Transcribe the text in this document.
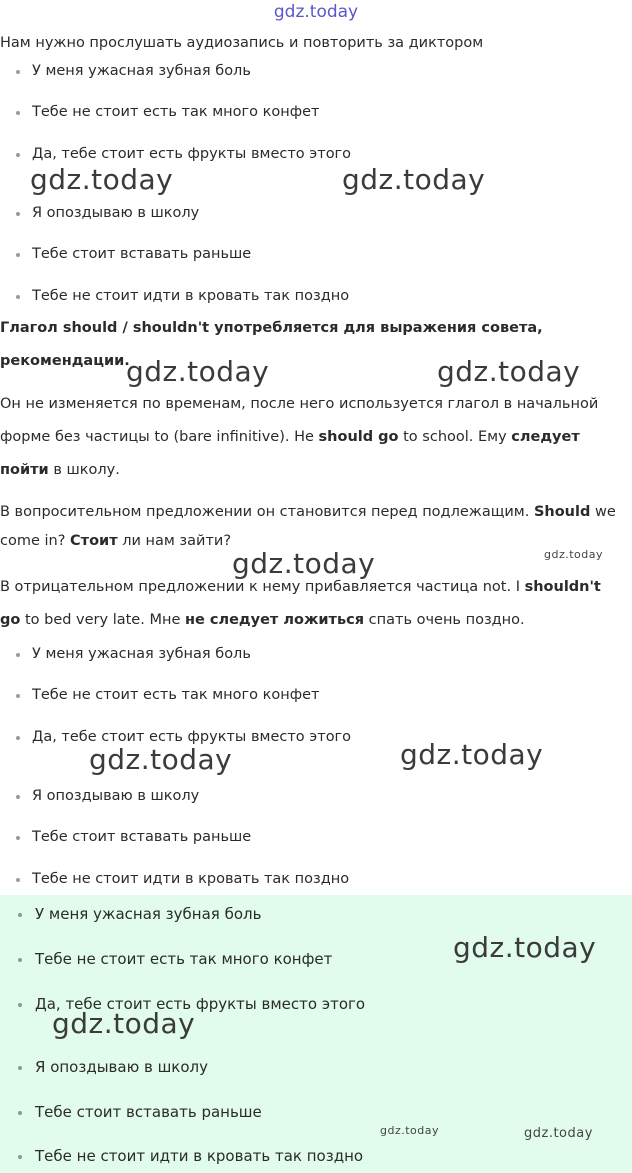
gdz.today
Нам нужно прослушать аудиозапись и повторить за диктором
У меня ужасная зубная боль
Тебе не стоит есть так много конфет
Да, тебе стоит есть фрукты вместо этого
Я опоздываю в школу
Тебе стоит вставать раньше
Тебе не стоит идти в кровать так поздно
Глагол should / shouldn't употребляется для выражения совета,
рекомендации.
Он не изменяется по временам, после него используется глагол в начальной
форме без частицы to (bare infinitive). He should go to school. Ему следует
пойти в школу.
В вопросительном предложении он становится перед подлежащим. Should we
come in? Стоит ли нам зайти?
В отрицательном предложении к нему прибавляется частица not. I shouldn't
go to bed very late. Мне не следует ложиться спать очень поздно.
У меня ужасная зубная боль
Тебе не стоит есть так много конфет
Да, тебе стоит есть фрукты вместо этого
Я опоздываю в школу
Тебе стоит вставать раньше
Тебе не стоит идти в кровать так поздно
У меня ужасная зубная боль
Тебе не стоит есть так много конфет
Да, тебе стоит есть фрукты вместо этого
Я опоздываю в школу
Тебе стоит вставать раньше
Тебе не стоит идти в кровать так поздно
gdz.today	gdz.today
gdz.today	gdz.today
gdz.today	gdz.today
gdz.today	gdz.today
gdz.today
gdz.today
gdz.today	gdz.today
